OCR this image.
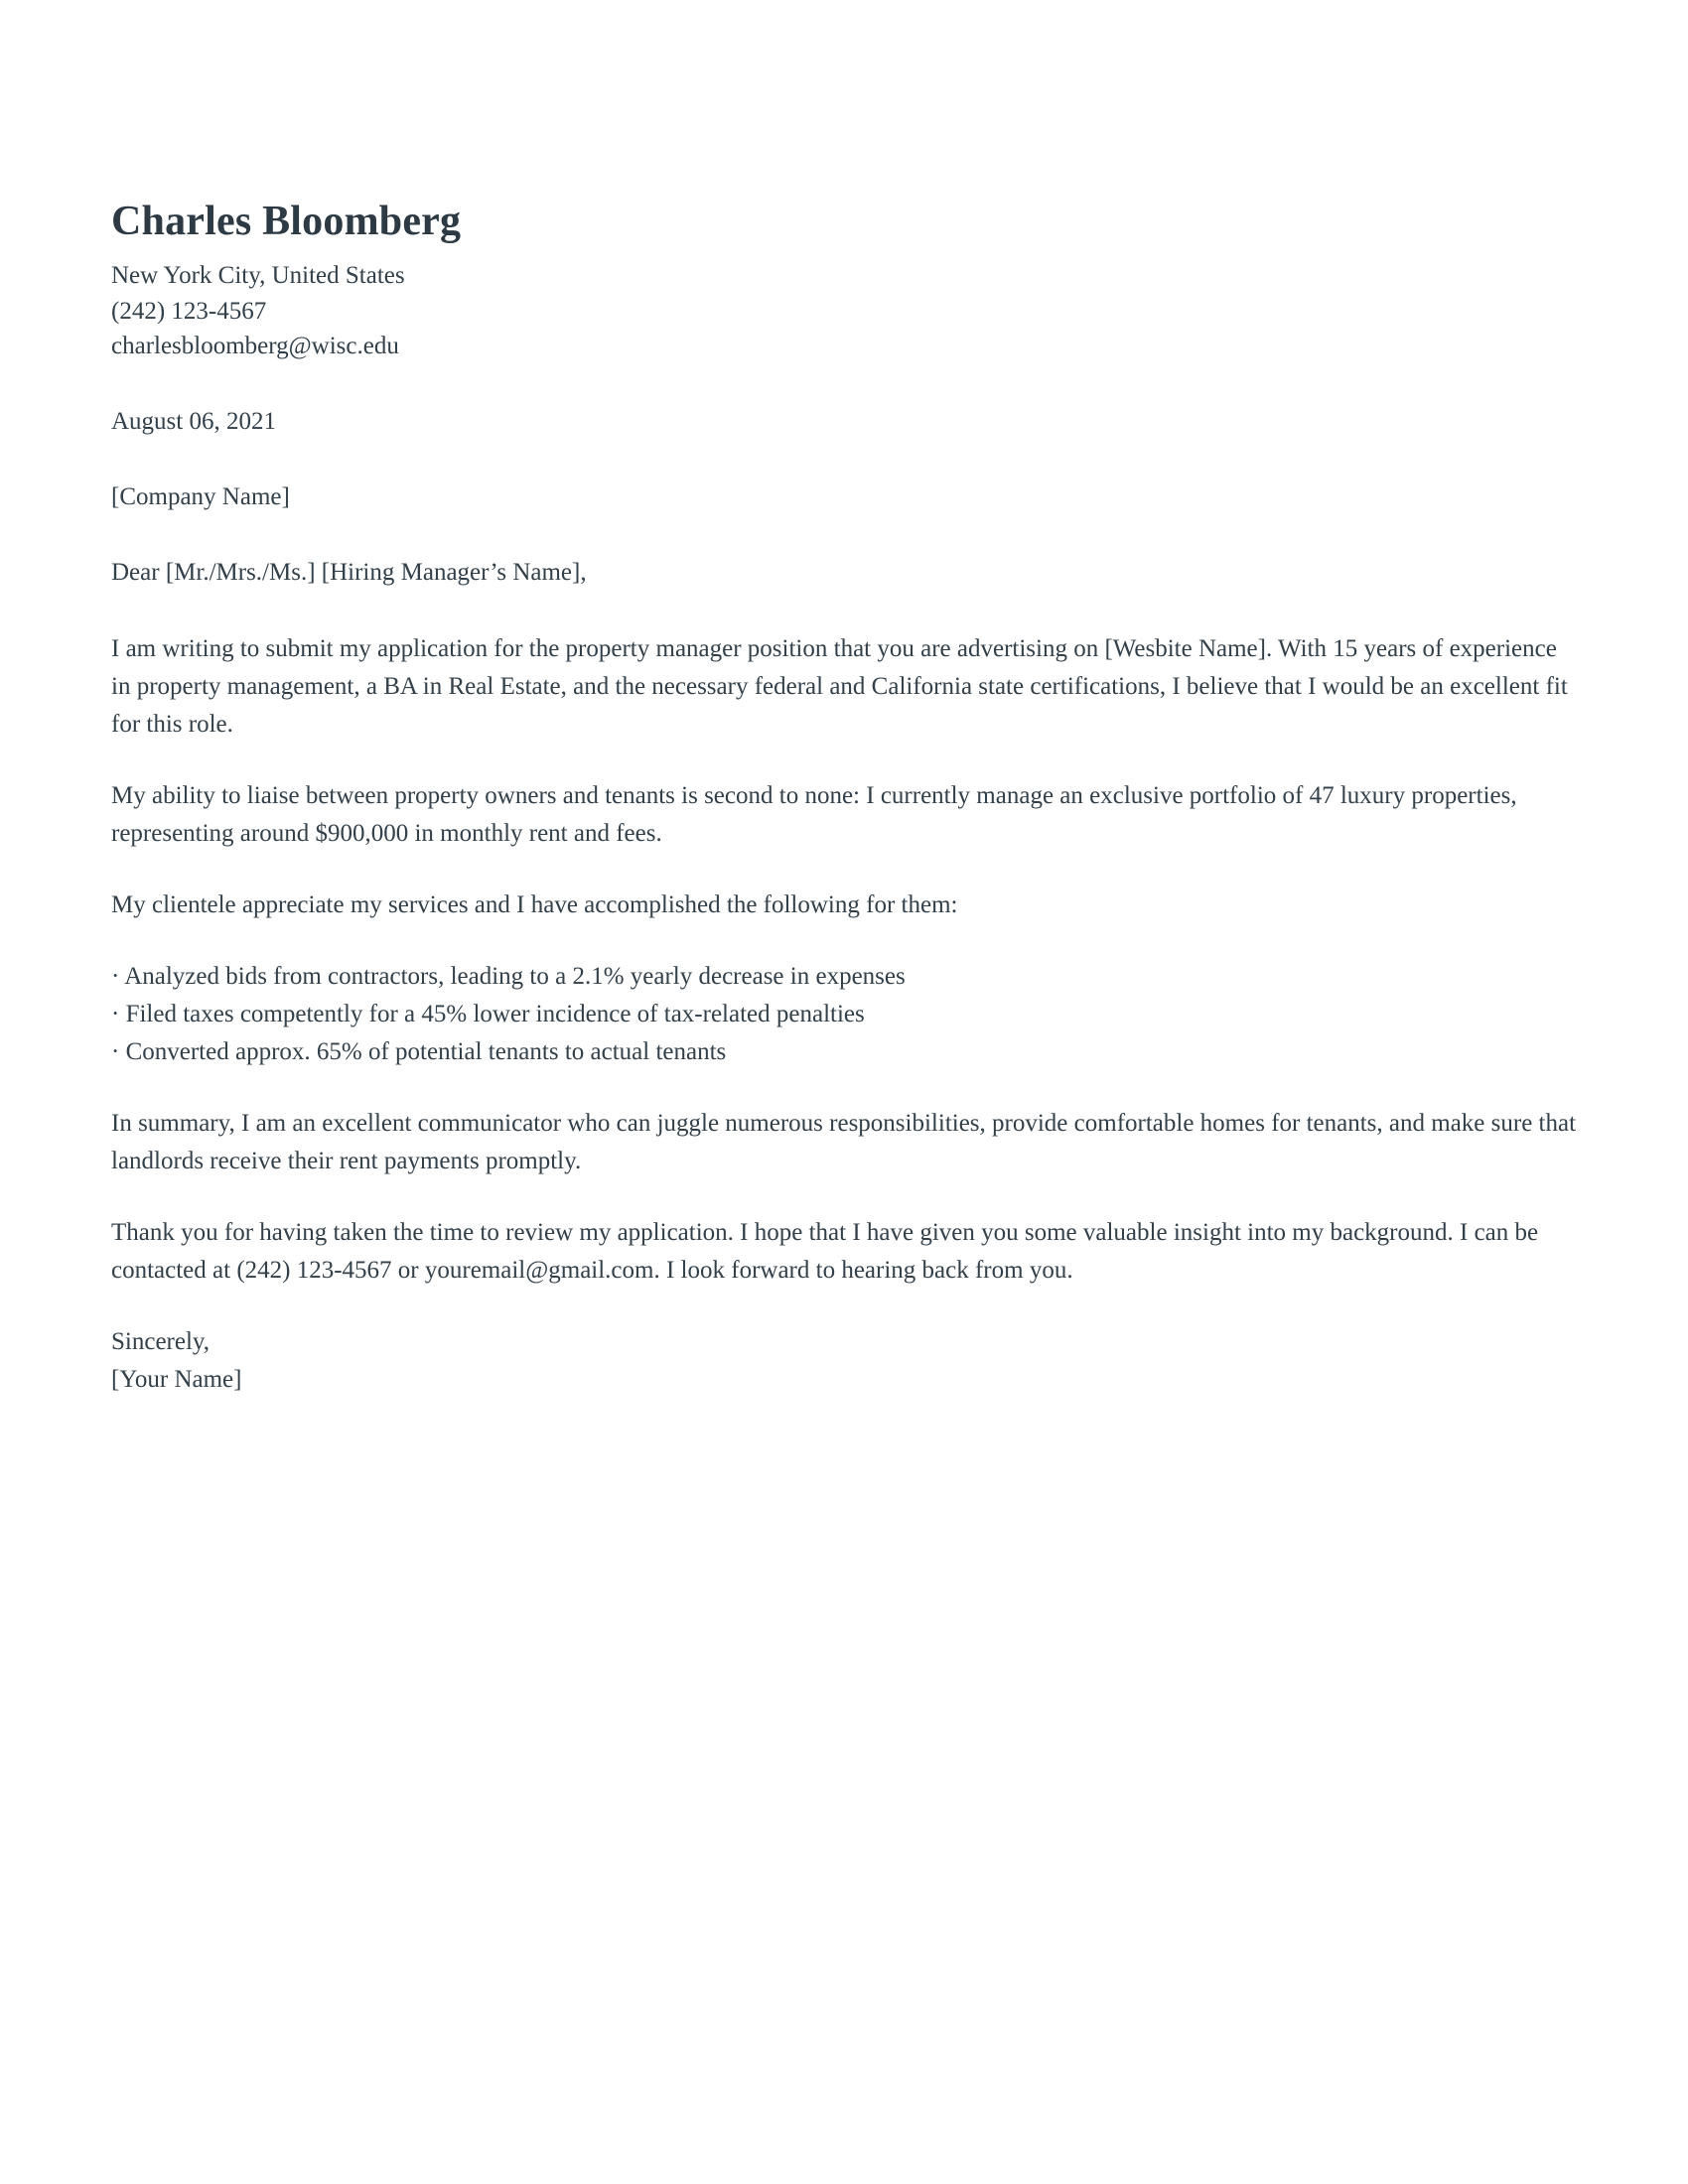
Charles Bloomberg
New York City, United States
(242) 123-4567
charlesbloomberg@wisc.edu
August 06, 2021
[Company Name]
Dear [Mr./Mrs./Ms.] [Hiring Manager’s Name],

I am writing to submit my application for the property manager position that you are advertising on [Wesbite Name]. With 15 years of experience in property management, a BA in Real Estate, and the necessary federal and California state certifications, I believe that I would be an excellent fit for this role.

My ability to liaise between property owners and tenants is second to none: I currently manage an exclusive portfolio of 47 luxury properties, representing around $900,000 in monthly rent and fees.

My clientele appreciate my services and I have accomplished the following for them:

· Analyzed bids from contractors, leading to a 2.1% yearly decrease in expenses
· Filed taxes competently for a 45% lower incidence of tax-related penalties
· Converted approx. 65% of potential tenants to actual tenants

In summary, I am an excellent communicator who can juggle numerous responsibilities, provide comfortable homes for tenants, and make sure that landlords receive their rent payments promptly.

Thank you for having taken the time to review my application. I hope that I have given you some valuable insight into my background. I can be contacted at (242) 123-4567 or youremail@gmail.com. I look forward to hearing back from you.

Sincerely,
[Your Name]
